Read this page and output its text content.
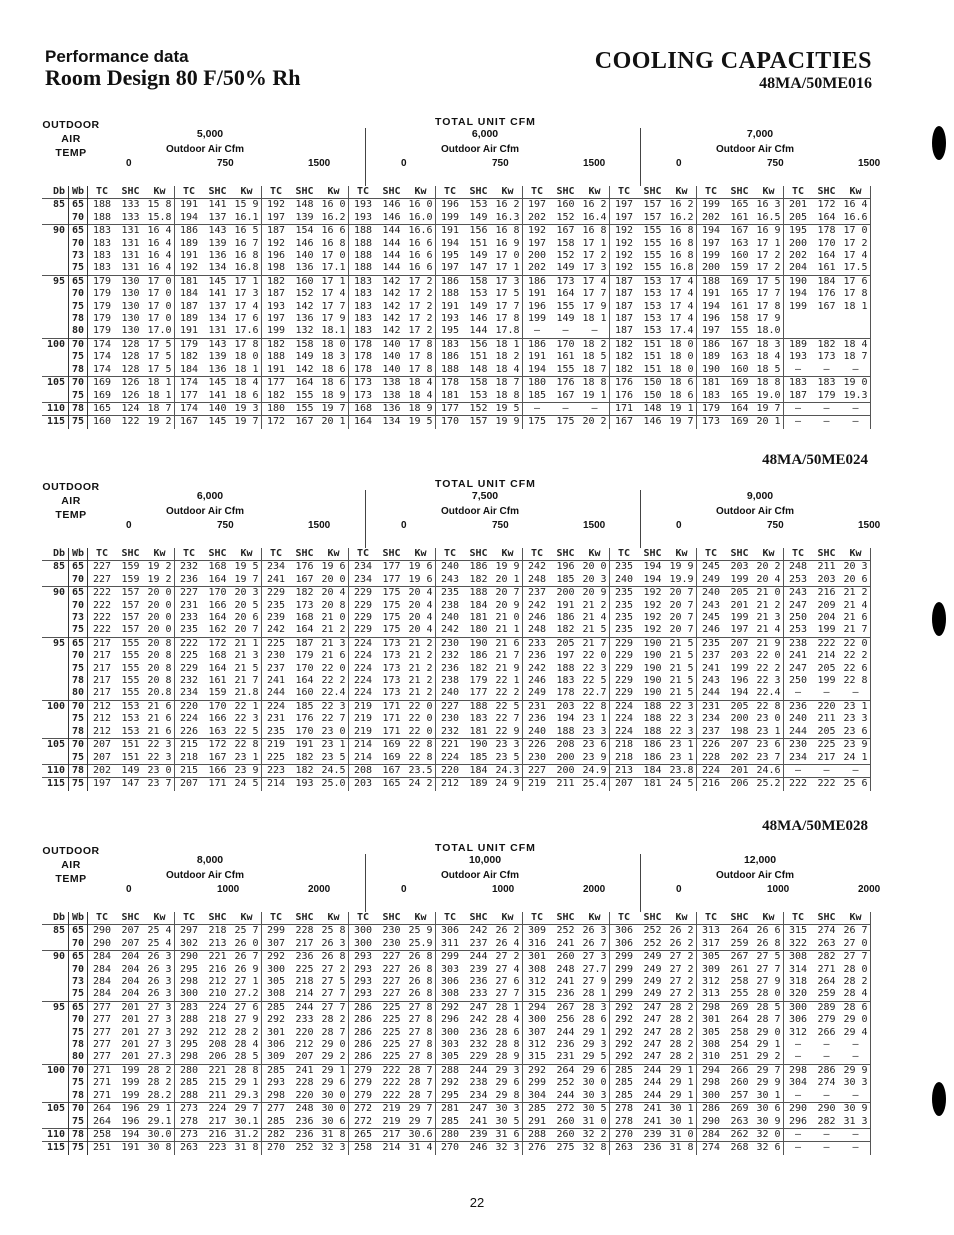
Performance data
Room Design 80 F/50% Rh
COOLING CAPACITIES
48MA/50ME016
48MA/50ME024
48MA/50ME028
OUTDOOR
AIR
TEMP
TOTAL UNIT CFM
5,000
Outdoor Air Cfm
0	750	1500
6,000
Outdoor Air Cfm
0	750	1500
7,000
Outdoor Air Cfm
0	750	1500
Db	Wb	TC	SHC	Kw	TC	SHC	Kw	TC	SHC	Kw	TC	SHC	Kw	TC	SHC	Kw	TC	SHC	Kw	TC	SHC	Kw	TC	SHC	Kw	TC	SHC	Kw
85	65	188	133	15 8	191	141	15 9	192	148	16 0	193	146	16 0	196	153	16 2	197	160	16 2	197	157	16 2	199	165	16 3	201	172	16 4
	70	188	133	15.8	194	137	16.1	197	139	16.2	193	146	16.0	199	149	16.3	202	152	16.4	197	157	16.2	202	161	16.5	205	164	16.6
90	65	183	131	16 4	186	143	16 5	187	154	16 6	188	144	16.6	191	156	16 8	192	167	16 8	192	155	16 8	194	167	16 9	195	178	17 0
	70	183	131	16 4	189	139	16 7	192	146	16 8	188	144	16 6	194	151	16 9	197	158	17 1	192	155	16 8	197	163	17 1	200	170	17 2
	73	183	131	16 4	191	136	16 8	196	140	17 0	188	144	16 6	195	149	17 0	200	152	17 2	192	155	16 8	199	160	17 2	202	164	17 4
	75	183	131	16 4	192	134	16.8	198	136	17.1	188	144	16 6	197	147	17 1	202	149	17 3	192	155	16.8	200	159	17 2	204	161	17.5
95	65	179	130	17 0	181	145	17 1	182	160	17 1	183	142	17 2	186	158	17 3	186	173	17 4	187	153	17 4	188	169	17 5	190	184	17 6
	70	179	130	17 0	184	141	17 3	187	152	17 4	183	142	17 2	188	153	17 5	191	164	17 7	187	153	17 4	191	165	17 7	194	176	17 8
	75	179	130	17 0	187	137	17 4	193	142	17 7	183	142	17 2	191	149	17 7	196	155	17 9	187	153	17 4	194	161	17 8	199	167	18 1
	78	179	130	17 0	189	134	17 6	197	136	17 9	183	142	17 2	193	146	17 8	199	149	18 1	187	153	17 4	196	158	17 9			
	80	179	130	17.0	191	131	17.6	199	132	18.1	183	142	17 2	195	144	17.8	—	—	—	187	153	17.4	197	155	18.0			
100	70	174	128	17 5	179	143	17 8	182	158	18 0	178	140	17 8	183	156	18 1	186	170	18 2	182	151	18 0	186	167	18 3	189	182	18 4
	75	174	128	17 5	182	139	18 0	188	149	18 3	178	140	17 8	186	151	18 2	191	161	18 5	182	151	18 0	189	163	18 4	193	173	18 7
	78	174	128	17 5	184	136	18 1	191	142	18 6	178	140	17 8	188	148	18 4	194	155	18 7	182	151	18 0	190	160	18 5	—	—	—
105	70	169	126	18 1	174	145	18 4	177	164	18 6	173	138	18 4	178	158	18 7	180	176	18 8	176	150	18 6	181	169	18 8	183	183	19 0
	75	169	126	18 1	177	141	18 6	182	155	18 9	173	138	18 4	181	153	18 8	185	167	19 1	176	150	18 6	183	165	19.0	187	179	19.3
110	78	165	124	18 7	174	140	19 3	180	155	19 7	168	136	18 9	177	152	19 5	—	—	—	171	148	19 1	179	164	19 7	—	—	—
115	75	160	122	19 2	167	145	19 7	172	167	20 1	164	134	19 5	170	157	19 9	175	175	20 2	167	146	19 7	173	169	20 1	—	—	—
OUTDOOR
AIR
TEMP
TOTAL UNIT CFM
6,000
Outdoor Air Cfm
0	750	1500
7,500
Outdoor Air Cfm
0	750	1500
9,000
Outdoor Air Cfm
0	750	1500
Db	Wb	TC	SHC	Kw	TC	SHC	Kw	TC	SHC	Kw	TC	SHC	Kw	TC	SHC	Kw	TC	SHC	Kw	TC	SHC	Kw	TC	SHC	Kw	TC	SHC	Kw
85	65	227	159	19 2	232	168	19 5	234	176	19 6	234	177	19 6	240	186	19 9	242	196	20 0	235	194	19 9	245	203	20 2	248	211	20 3
	70	227	159	19 2	236	164	19 7	241	167	20 0	234	177	19 6	243	182	20 1	248	185	20 3	240	194	19.9	249	199	20 4	253	203	20 6
90	65	222	157	20 0	227	170	20 3	229	182	20 4	229	175	20 4	235	188	20 7	237	200	20 9	235	192	20 7	240	205	21 0	243	216	21 2
	70	222	157	20 0	231	166	20 5	235	173	20 8	229	175	20 4	238	184	20 9	242	191	21 2	235	192	20 7	243	201	21 2	247	209	21 4
	73	222	157	20 0	233	164	20 6	239	168	21 0	229	175	20 4	240	181	21 0	246	186	21 4	235	192	20 7	245	199	21 3	250	204	21 6
	75	222	157	20 0	235	162	20 7	242	164	21 2	229	175	20 4	242	180	21 1	248	182	21 5	235	192	20 7	246	197	21 4	253	199	21 7
95	65	217	155	20 8	222	172	21 1	225	187	21 3	224	173	21 2	230	190	21 6	233	205	21 7	229	190	21 5	235	207	21 9	238	222	22 0
	70	217	155	20 8	225	168	21 3	230	179	21 6	224	173	21 2	232	186	21 7	236	197	22 0	229	190	21 5	237	203	22 0	241	214	22 2
	75	217	155	20 8	229	164	21 5	237	170	22 0	224	173	21 2	236	182	21 9	242	188	22 3	229	190	21 5	241	199	22 2	247	205	22 6
	78	217	155	20 8	232	161	21 7	241	164	22 2	224	173	21 2	238	179	22 1	246	183	22 5	229	190	21 5	243	196	22 3	250	199	22 8
	80	217	155	20.8	234	159	21.8	244	160	22.4	224	173	21 2	240	177	22 2	249	178	22.7	229	190	21 5	244	194	22.4	—	—	—
100	70	212	153	21 6	220	170	22 1	224	185	22 3	219	171	22 0	227	188	22 5	231	203	22 8	224	188	22 3	231	205	22 8	236	220	23 1
	75	212	153	21 6	224	166	22 3	231	176	22 7	219	171	22 0	230	183	22 7	236	194	23 1	224	188	22 3	234	200	23 0	240	211	23 3
	78	212	153	21 6	226	163	22 5	235	170	23 0	219	171	22 0	232	181	22 9	240	188	23 3	224	188	22 3	237	198	23 1	244	205	23 6
105	70	207	151	22 3	215	172	22 8	219	191	23 1	214	169	22 8	221	190	23 3	226	208	23 6	218	186	23 1	226	207	23 6	230	225	23 9
	75	207	151	22 3	218	167	23 1	225	182	23 5	214	169	22 8	224	185	23 5	230	200	23 9	218	186	23 1	228	202	23 7	234	217	24 1
110	78	202	149	23 0	215	166	23 9	223	182	24.5	208	167	23.5	220	184	24.3	227	200	24.9	213	184	23.8	224	201	24.6	—	—	—
115	75	197	147	23 7	207	171	24 5	214	193	25.0	203	165	24 2	212	189	24 9	219	211	25.4	207	181	24 5	216	206	25.2	222	222	25 6
OUTDOOR
AIR
TEMP
TOTAL UNIT CFM
8,000
Outdoor Air Cfm
0	1000	2000
10,000
Outdoor Air Cfm
0	1000	2000
12,000
Outdoor Air Cfm
0	1000	2000
Db	Wb	TC	SHC	Kw	TC	SHC	Kw	TC	SHC	Kw	TC	SHC	Kw	TC	SHC	Kw	TC	SHC	Kw	TC	SHC	Kw	TC	SHC	Kw	TC	SHC	Kw
85	65	290	207	25 4	297	218	25 7	299	228	25 8	300	230	25 9	306	242	26 2	309	252	26 3	306	252	26 2	313	264	26 6	315	274	26 7
	70	290	207	25 4	302	213	26 0	307	217	26 3	300	230	25.9	311	237	26 4	316	241	26 7	306	252	26 2	317	259	26 8	322	263	27 0
90	65	284	204	26 3	290	221	26 7	292	236	26 8	293	227	26 8	299	244	27 2	301	260	27 3	299	249	27 2	305	267	27 5	308	282	27 7
	70	284	204	26 3	295	216	26 9	300	225	27 2	293	227	26 8	303	239	27 4	308	248	27.7	299	249	27 2	309	261	27 7	314	271	28 0
	73	284	204	26 3	298	212	27 1	305	218	27 5	293	227	26 8	306	236	27 6	312	241	27 9	299	249	27 2	312	258	27 9	318	264	28 2
	75	284	204	26 3	300	210	27.2	308	214	27 7	293	227	26 8	308	233	27 7	315	236	28 1	299	249	27 2	313	255	28 0	320	259	28 4
95	65	277	201	27 3	283	224	27 6	285	244	27 7	286	225	27 8	292	247	28 1	294	267	28 3	292	247	28 2	298	269	28 5	300	289	28 6
	70	277	201	27 3	288	218	27 9	292	233	28 2	286	225	27 8	296	242	28 4	300	256	28 6	292	247	28 2	301	264	28 7	306	279	29 0
	75	277	201	27 3	292	212	28 2	301	220	28 7	286	225	27 8	300	236	28 6	307	244	29 1	292	247	28 2	305	258	29 0	312	266	29 4
	78	277	201	27 3	295	208	28 4	306	212	29 0	286	225	27 8	303	232	28 8	312	236	29 3	292	247	28 2	308	254	29 1	—	—	—
	80	277	201	27.3	298	206	28 5	309	207	29 2	286	225	27 8	305	229	28 9	315	231	29 5	292	247	28 2	310	251	29 2	—	—	—
100	70	271	199	28 2	280	221	28 8	285	241	29 1	279	222	28 7	288	244	29 3	292	264	29 6	285	244	29 1	294	266	29 7	298	286	29 9
	75	271	199	28 2	285	215	29 1	293	228	29 6	279	222	28 7	292	238	29 6	299	252	30 0	285	244	29 1	298	260	29 9	304	274	30 3
	78	271	199	28.2	288	211	29.3	298	220	30 0	279	222	28 7	295	234	29 8	304	244	30 3	285	244	29 1	300	257	30 1	—	—	—
105	70	264	196	29 1	273	224	29 7	277	248	30 0	272	219	29 7	281	247	30 3	285	272	30 5	278	241	30 1	286	269	30 6	290	290	30 9
	75	264	196	29.1	278	217	30.1	285	236	30 6	272	219	29 7	285	241	30 5	291	260	31 0	278	241	30 1	290	263	30 9	296	282	31 3
110	78	258	194	30.0	273	216	31.2	282	236	31 8	265	217	30.6	280	239	31 6	288	260	32 2	270	239	31 0	284	262	32 0	—	—	—
115	75	251	191	30 8	263	223	31 8	270	252	32 3	258	214	31 4	270	246	32 3	276	275	32 8	263	236	31 8	274	268	32 6	—	—	—
22
